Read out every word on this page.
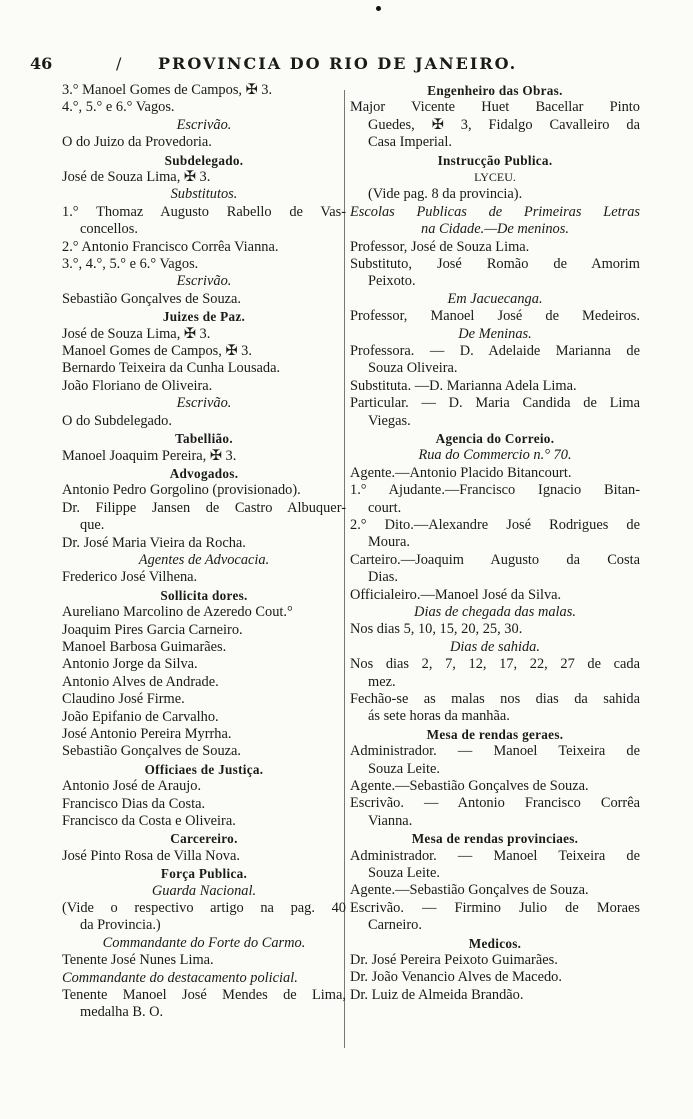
46	/ PROVINCIA DO RIO DE JANEIRO.
3.° Manoel Gomes de Campos, ✠ 3.
4.°, 5.° e 6.° Vagos.
Escrivão.
O do Juizo da Provedoria.
Subdelegado.
José de Souza Lima, ✠ 3.
Substitutos.
1.° Thomaz Augusto Rabello de Vas-
concellos.
2.° Antonio Francisco Corrêa Vianna.
3.°, 4.°, 5.° e 6.° Vagos.
Escrivão.
Sebastião Gonçalves de Souza.
Juizes de Paz.
José de Souza Lima, ✠ 3.
Manoel Gomes de Campos, ✠ 3.
Bernardo Teixeira da Cunha Lousada.
João Floriano de Oliveira.
Escrivão.
O do Subdelegado.
Tabellião.
Manoel Joaquim Pereira, ✠ 3.
Advogados.
Antonio Pedro Gorgolino (provisionado).
Dr. Filippe Jansen de Castro Albuquer-
que.
Dr. José Maria Vieira da Rocha.
Agentes de Advocacia.
Frederico José Vilhena.
Sollicita dores.
Aureliano Marcolino de Azeredo Cout.°
Joaquim Pires Garcia Carneiro.
Manoel Barbosa Guimarães.
Antonio Jorge da Silva.
Antonio Alves de Andrade.
Claudino José Firme.
João Epifanio de Carvalho.
José Antonio Pereira Myrrha.
Sebastião Gonçalves de Souza.
Officiaes de Justiça.
Antonio José de Araujo.
Francisco Dias da Costa.
Francisco da Costa e Oliveira.
Carcereiro.
José Pinto Rosa de Villa Nova.
Força Publica.
Guarda Nacional.
(Vide o respectivo artigo na pag. 40
da Provincia.)
Commandante do Forte do Carmo.
Tenente José Nunes Lima.
Commandante do destacamento policial.
Tenente Manoel José Mendes de Lima,
medalha B. O.
Engenheiro das Obras.
Major Vicente Huet Bacellar Pinto
Guedes, ✠ 3, Fidalgo Cavalleiro da
Casa Imperial.
Instrucção Publica.
LYCEU.
(Vide pag. 8 da provincia).
Escolas Publicas de Primeiras Letras
na Cidade.—De meninos.
Professor, José de Souza Lima.
Substituto, José Romão de Amorim
Peixoto.
Em Jacuecanga.
Professor, Manoel José de Medeiros.
De Meninas.
Professora. — D. Adelaide Marianna de
Souza Oliveira.
Substituta. —D. Marianna Adela Lima.
Particular. — D. Maria Candida de Lima
Viegas.
Agencia do Correio.
Rua do Commercio n.° 70.
Agente.—Antonio Placido Bitancourt.
1.° Ajudante.—Francisco Ignacio Bitan-
court.
2.° Dito.—Alexandre José Rodrigues de
Moura.
Carteiro.—Joaquim Augusto da Costa
Dias.
Officialeiro.—Manoel José da Silva.
Dias de chegada das malas.
Nos dias 5, 10, 15, 20, 25, 30.
Dias de sahida.
Nos dias 2, 7, 12, 17, 22, 27 de cada
mez.
Fechão-se as malas nos dias da sahida
ás sete horas da manhãa.
Mesa de rendas geraes.
Administrador. — Manoel Teixeira de
Souza Leite.
Agente.—Sebastião Gonçalves de Souza.
Escrivão. — Antonio Francisco Corrêa
Vianna.
Mesa de rendas provinciaes.
Administrador. — Manoel Teixeira de
Souza Leite.
Agente.—Sebastião Gonçalves de Souza.
Escrivão. — Firmino Julio de Moraes
Carneiro.
Medicos.
Dr. José Pereira Peixoto Guimarães.
Dr. João Venancio Alves de Macedo.
Dr. Luiz de Almeida Brandão.
